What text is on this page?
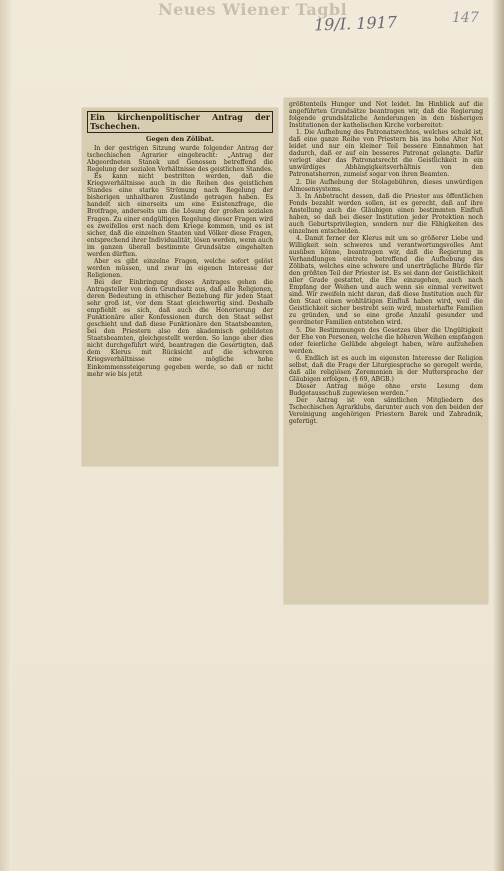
Neues Wiener Tagbl
19/I. 1917	147
Ein kirchenpolitischer Antrag der Tschechen.
Gegen den Zölibat.

In der gestrigen Sitzung wurde folgender Antrag der tschechischen Agrarier eingebracht: „Antrag der Abgeordneten Stanek und Genossen betreffend die Regelung der sozialen Verhältnisse des geistlichen Standes.

Es kann nicht bestritten werden, daß die Kriegsverhältnisse auch in die Reihen des geistlichen Standes eine starke Strömung nach Regelung der bisherigen unhaltbaren Zustände getragen haben. Es handelt sich einerseits um eine Existenzfrage, die Brotfrage, anderseits um die Lösung der großen sozialen Fragen. Zu einer endgültigen Regelung dieser Fragen wird es zweifellos erst nach dem Kriege kommen, und es ist sicher, daß die einzelnen Staaten und Völker diese Fragen, entsprechend ihrer Individualität, lösen werden, wenn auch im ganzen überall bestimmte Grundsätze eingehalten werden dürften.

Aber es gibt einzelne Fragen, welche sofort gelöst werden müssen, und zwar im eigenen Interesse der Religionen.

Bei der Einbringung dieses Antrages gehen die Antragsteller von dem Grundsatz aus, daß alle Religionen, deren Bedeutung in ethischer Beziehung für jeden Staat sehr groß ist, vor dem Staat gleichwertig sind. Deshalb empfiehlt es sich, daß auch die Honorierung der Funktionäre aller Konfessionen durch den Staat selbst geschieht und daß diese Funktionäre den Staatsbeamten, bei den Priestern also den akademisch gebildeten Staatsbeamten, gleichgestellt werden. So lange aber dies nicht durchgeführt wird, beantragen die Gesertigten, daß dem Klerus mit Rücksicht auf die schweren Kriegsverhältnisse eine mögliche hohe Einkommenssteigerung gegeben werde, so daß er nicht mehr wie bis jetzt

größtenteils Hunger und Not leidet. Im Hinblick auf die angeführten Grundsätze beantragen wir, daß die Regierung folgende grundsätzliche Aenderungen in den bisherigen Institutionen der katholischen Kirche vorbereitet:

1. Die Aufhebung des Patronatsrechtes, welches schuld ist, daß eine ganze Reihe von Priestern bis ins hohe Alter Not leidet und nur ein kleiner Teil bessere Einnahmen hat dadurch, daß er auf ein besseres Patronat gelangte. Dafür verlegt aber das Patronatsrecht die Geistlichkeit in ein unwürdiges Abhängigkeitsverhältnis von den Patronatsherren, zumeist sogar von ihren Beamten.

2. Die Aufhebung der Stolagebühren, dieses unwürdigen Almosensystems.

3. In Anbetracht dessen, daß die Priester aus öffentlichen Fonds bezahlt werden sollen, ist es gerecht, daß auf ihre Anstellung auch die Gläubigen einen bestimmten Einfluß haben, so daß bei dieser Institution jeder Protektion noch auch Geburtsprivilegien, sondern nur die Fähigkeiten des einzelnen entscheiden.

4. Damit ferner der Klerus mit um so größerer Liebe und Willigkeit sein schweres und verantwortungsvolles Amt ausüben könne, beantragen wir, daß die Regierung in Verhandlungen eintrete betreffend die Aufhebung des Zölibats, welches eine schwere und unerträgliche Bürde für den größten Teil der Priester ist. Es sei dann der Geistlichkeit aller Grade gestattet, die Ehe einzugehen, auch nach Empfang der Weihen und auch wenn sie einmal verwitwet sind. Wir zweifeln nicht daran, daß diese Institution auch für den Staat einen wohltätigen Einfluß haben wird, weil die Geistlichkeit sicher bestrebt sein wird, musterhafte Familien zu gründen, und so eine große Anzahl gesunder und geordneter Familien entstehen wird.

5. Die Bestimmungen des Gesetzes über die Ungültigkeit der Ehe von Personen, welche die höheren Weihen empfangen oder feierliche Gelübde abgelegt haben, wäre aufzuheben werden.

6. Endlich ist es auch im eigensten Interesse der Religion selbst, daß die Frage der Liturgiesprache so geregelt werde, daß alle religiösen Zeremonien in der Muttersprache der Gläubigen erfolgen. (§ 69, ABGB.)

Dieser Antrag möge ohne erste Lesung dem Budgetausschuß zugewiesen werden.“

Der Antrag ist von sämtlichen Mitgliedern des Tschechischen Agrarklubs, darunter auch von den beiden der Vereinigung angehörigen Priestern Barek und Zahradnik, gefertigt.
